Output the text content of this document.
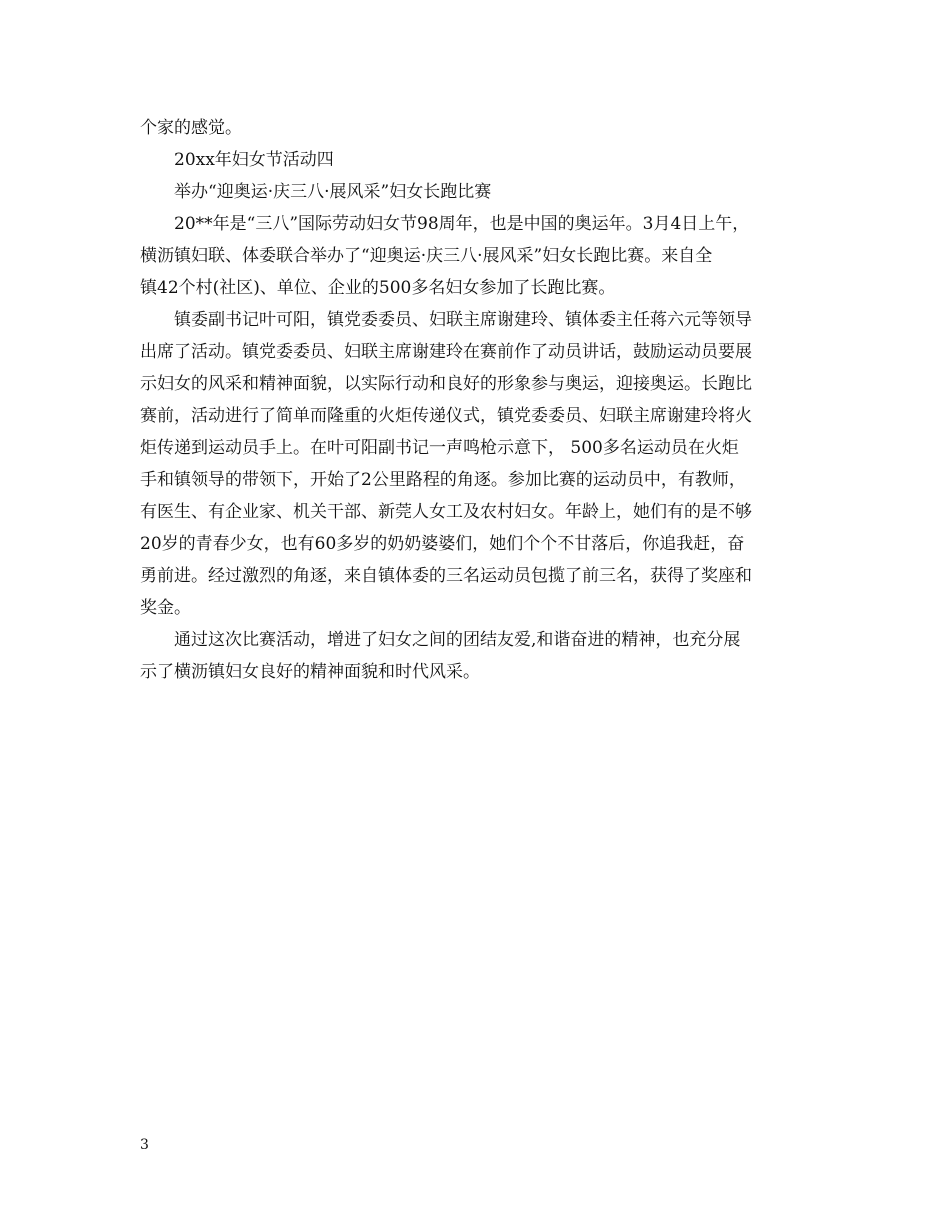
个家的感觉。

20xx年妇女节活动四

举办“迎奥运·庆三八·展风采”妇女长跑比赛

20**年是“三八”国际劳动妇女节98周年，也是中国的奥运年。3月4日上午，

横沥镇妇联、体委联合举办了“迎奥运·庆三八·展风采”妇女长跑比赛。来自全

镇42个村(社区)、单位、企业的500多名妇女参加了长跑比赛。

镇委副书记叶可阳，镇党委委员、妇联主席谢建玲、镇体委主任蒋六元等领导

出席了活动。镇党委委员、妇联主席谢建玲在赛前作了动员讲话，鼓励运动员要展

示妇女的风采和精神面貌，以实际行动和良好的形象参与奥运，迎接奥运。长跑比

赛前，活动进行了简单而隆重的火炬传递仪式，镇党委委员、妇联主席谢建玲将火

炬传递到运动员手上。在叶可阳副书记一声鸣枪示意下， 500多名运动员在火炬

手和镇领导的带领下，开始了2公里路程的角逐。参加比赛的运动员中，有教师，

有医生、有企业家、机关干部、新莞人女工及农村妇女。年龄上，她们有的是不够

20岁的青春少女，也有60多岁的奶奶婆婆们，她们个个不甘落后，你追我赶，奋

勇前进。经过激烈的角逐，来自镇体委的三名运动员包揽了前三名，获得了奖座和

奖金。

通过这次比赛活动，增进了妇女之间的团结友爱,和谐奋进的精神，也充分展

示了横沥镇妇女良好的精神面貌和时代风采。

3
